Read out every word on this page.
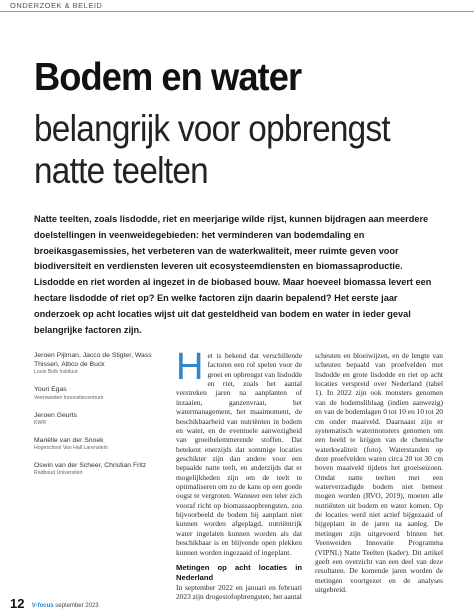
ONDERZOEK & BELEID
Bodem en water
belangrijk voor opbrengst
natte teelten

Natte teelten, zoals lisdodde, riet en meerjarige wilde rijst, kunnen bijdragen aan meerdere doelstellingen in veenweidegebieden: het verminderen van bodemdaling en broeikasgasemissies, het verbeteren van de waterkwaliteit, meer ruimte geven voor biodiversiteit en verdiensten leveren uit ecosysteemdiensten en biomassaproductie. Lisdodde en riet worden al ingezet in de biobased bouw. Maar hoeveel biomassa levert een hectare lisdodde of riet op? En welke factoren zijn daarin bepalend? Het eerste jaar onderzoek op acht locaties wijst uit dat gesteldheid van bodem en water in ieder geval belangrijke factoren zijn.

Jeroen Pijlman, Jacco de Stigter, Wass Thissen, Albco de Buck
Louis Bolk Instituut
Youri Egas
Veenweiden Innovatiecentrum
Jeroen Geurts
KWR
Mariëlle van der Snoek
Hogeschool Van Hall Larenstein
Oswin van der Scheer, Christian Fritz
Radboud Universiteit
H et is bekend dat verschillende factoren een rol spelen voor de groei en opbrengst van lisdodde en riet, zoals het aantal verstreken jaren na aanplanten of inzaaien, ganzenvraat, het watermanagement, het maaimoment, de beschikbaarheid van nutriënten in bodem en water, en de eventuele aanwezigheid van groeibelemmerende stoffen. Dat betekent enerzijds dat sommige locaties geschikter zijn dan andere voor een bepaalde natte teelt, en anderzijds dat er mogelijkheden zijn om de teelt te optimaliseren om zo de kans op een goede oogst te vergroten. Wanneer een teler zich vooraf richt op biomassaopbrengsten, zou bijvoorbeeld de bodem bij aanplant niet kunnen worden afgeplagd, nutriëntrijk water ingelaten kunnen worden als dat beschikbaar is en blijvende open plekken kunnen worden ingezaaid of ingeplant.

Metingen op acht locaties in Nederland

In september 2022 en januari en februari 2023 zijn drogestofopbrengsten, het aantal

scheuten en bloeiwijzen, en de lengte van scheuten bepaald van proefvelden met lisdodde en grote lisdodde en riet op acht locaties verspreid over Nederland (tabel 1). In 2022 zijn ook monsters genomen van de bodemslibla​ag (indien aanwezig) en van de bodemlagen 0 tot 10 en 10 tot 20 cm onder maaiveld. Daarnaast zijn er systematisch watermonsters genomen om een beeld te krijgen van de chemische waterkwaliteit (foto). Waterstanden op deze proefvelden waren circa 20 tot 30 cm boven maaiveld tijdens het groeiseizoen. Omdat natte teelten met een waterverzadigde bodem niet bemest mogen worden (RVO, 2019), moeten alle nutriënten uit bodem en water komen. Op de locaties werd niet actief bijgezaaid of bijgeplant in de jaren na aanleg. De metingen zijn uitgevoerd binnen het Veenweiden Innovatie Programma (VIPNL) Natte Teelten (kader). Dit artikel geeft een overzicht van een deel van deze resultaten. De komende jaren worden de metingen voortgezet en de analyses uitgebreid.

12 V-focus september 2023
